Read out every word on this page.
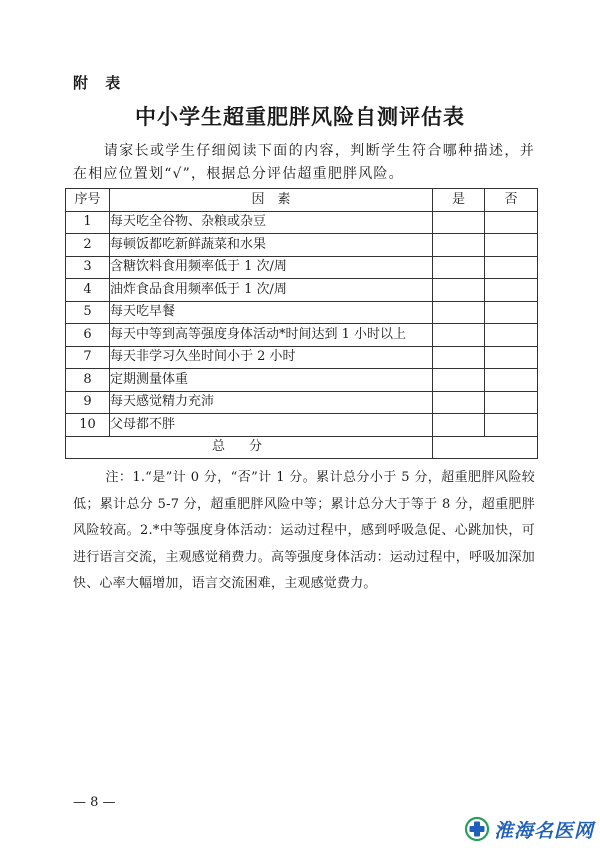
附 表
中小学生超重肥胖风险自测评估表

请家长或学生仔细阅读下面的内容，判断学生符合哪种描述，并在相应位置划“√”，根据总分评估超重肥胖风险。

序号	因　素	是	否
1	每天吃全谷物、杂粮或杂豆		
2	每顿饭都吃新鲜蔬菜和水果		
3	含糖饮料食用频率低于 1 次/周		
4	油炸食品食用频率低于 1 次/周		
5	每天吃早餐		
6	每天中等到高等强度身体活动*时间达到 1 小时以上		
7	每天非学习久坐时间小于 2 小时		
8	定期测量体重		
9	每天感觉精力充沛		
10	父母都不胖		
总分			

注：1.“是”计 0 分，“否”计 1 分。累计总分小于 5 分，超重肥胖风险较低；累计总分 5-7 分，超重肥胖风险中等；累计总分大于等于 8 分，超重肥胖风险较高。2.*中等强度身体活动：运动过程中，感到呼吸急促、心跳加快，可进行语言交流，主观感觉稍费力。高等强度身体活动：运动过程中，呼吸加深加快、心率大幅增加，语言交流困难，主观感觉费力。

— 8 —
淮海名医网
